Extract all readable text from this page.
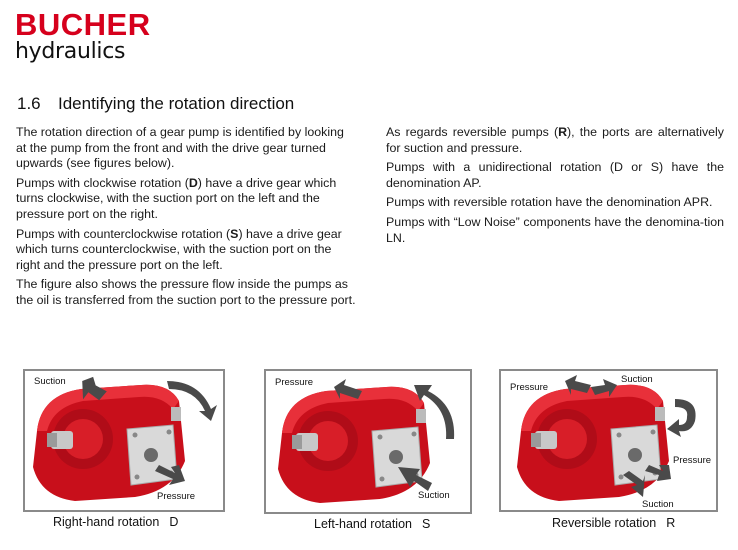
BUCHER
hydraulics
1.6 Identifying the rotation direction

The rotation direction of a gear pump is identified by looking at the pump from the front and with the drive gear turned upwards (see figures below).

Pumps with clockwise rotation (D) have a drive gear which turns clockwise, with the suction port on the left and the pressure port on the right.

Pumps with counterclockwise rotation (S) have a drive gear which turns counterclockwise, with the suction port on the right and the pressure port on the left.

The figure also shows the pressure flow inside the pumps as the oil is transferred from the suction port to the pressure port.

As regards reversible pumps (R), the ports are alternatively for suction and pressure.

Pumps with a unidirectional rotation (D or S) have the denomination AP.

Pumps with reversible rotation have the denomination APR.

Pumps with “Low Noise” components have the denomina-tion LN.

Suction
Pressure
Right-hand rotation D
Pressure
Suction
Left-hand rotation S
Pressure
Suction
Pressure
Suction
Reversible rotation R
